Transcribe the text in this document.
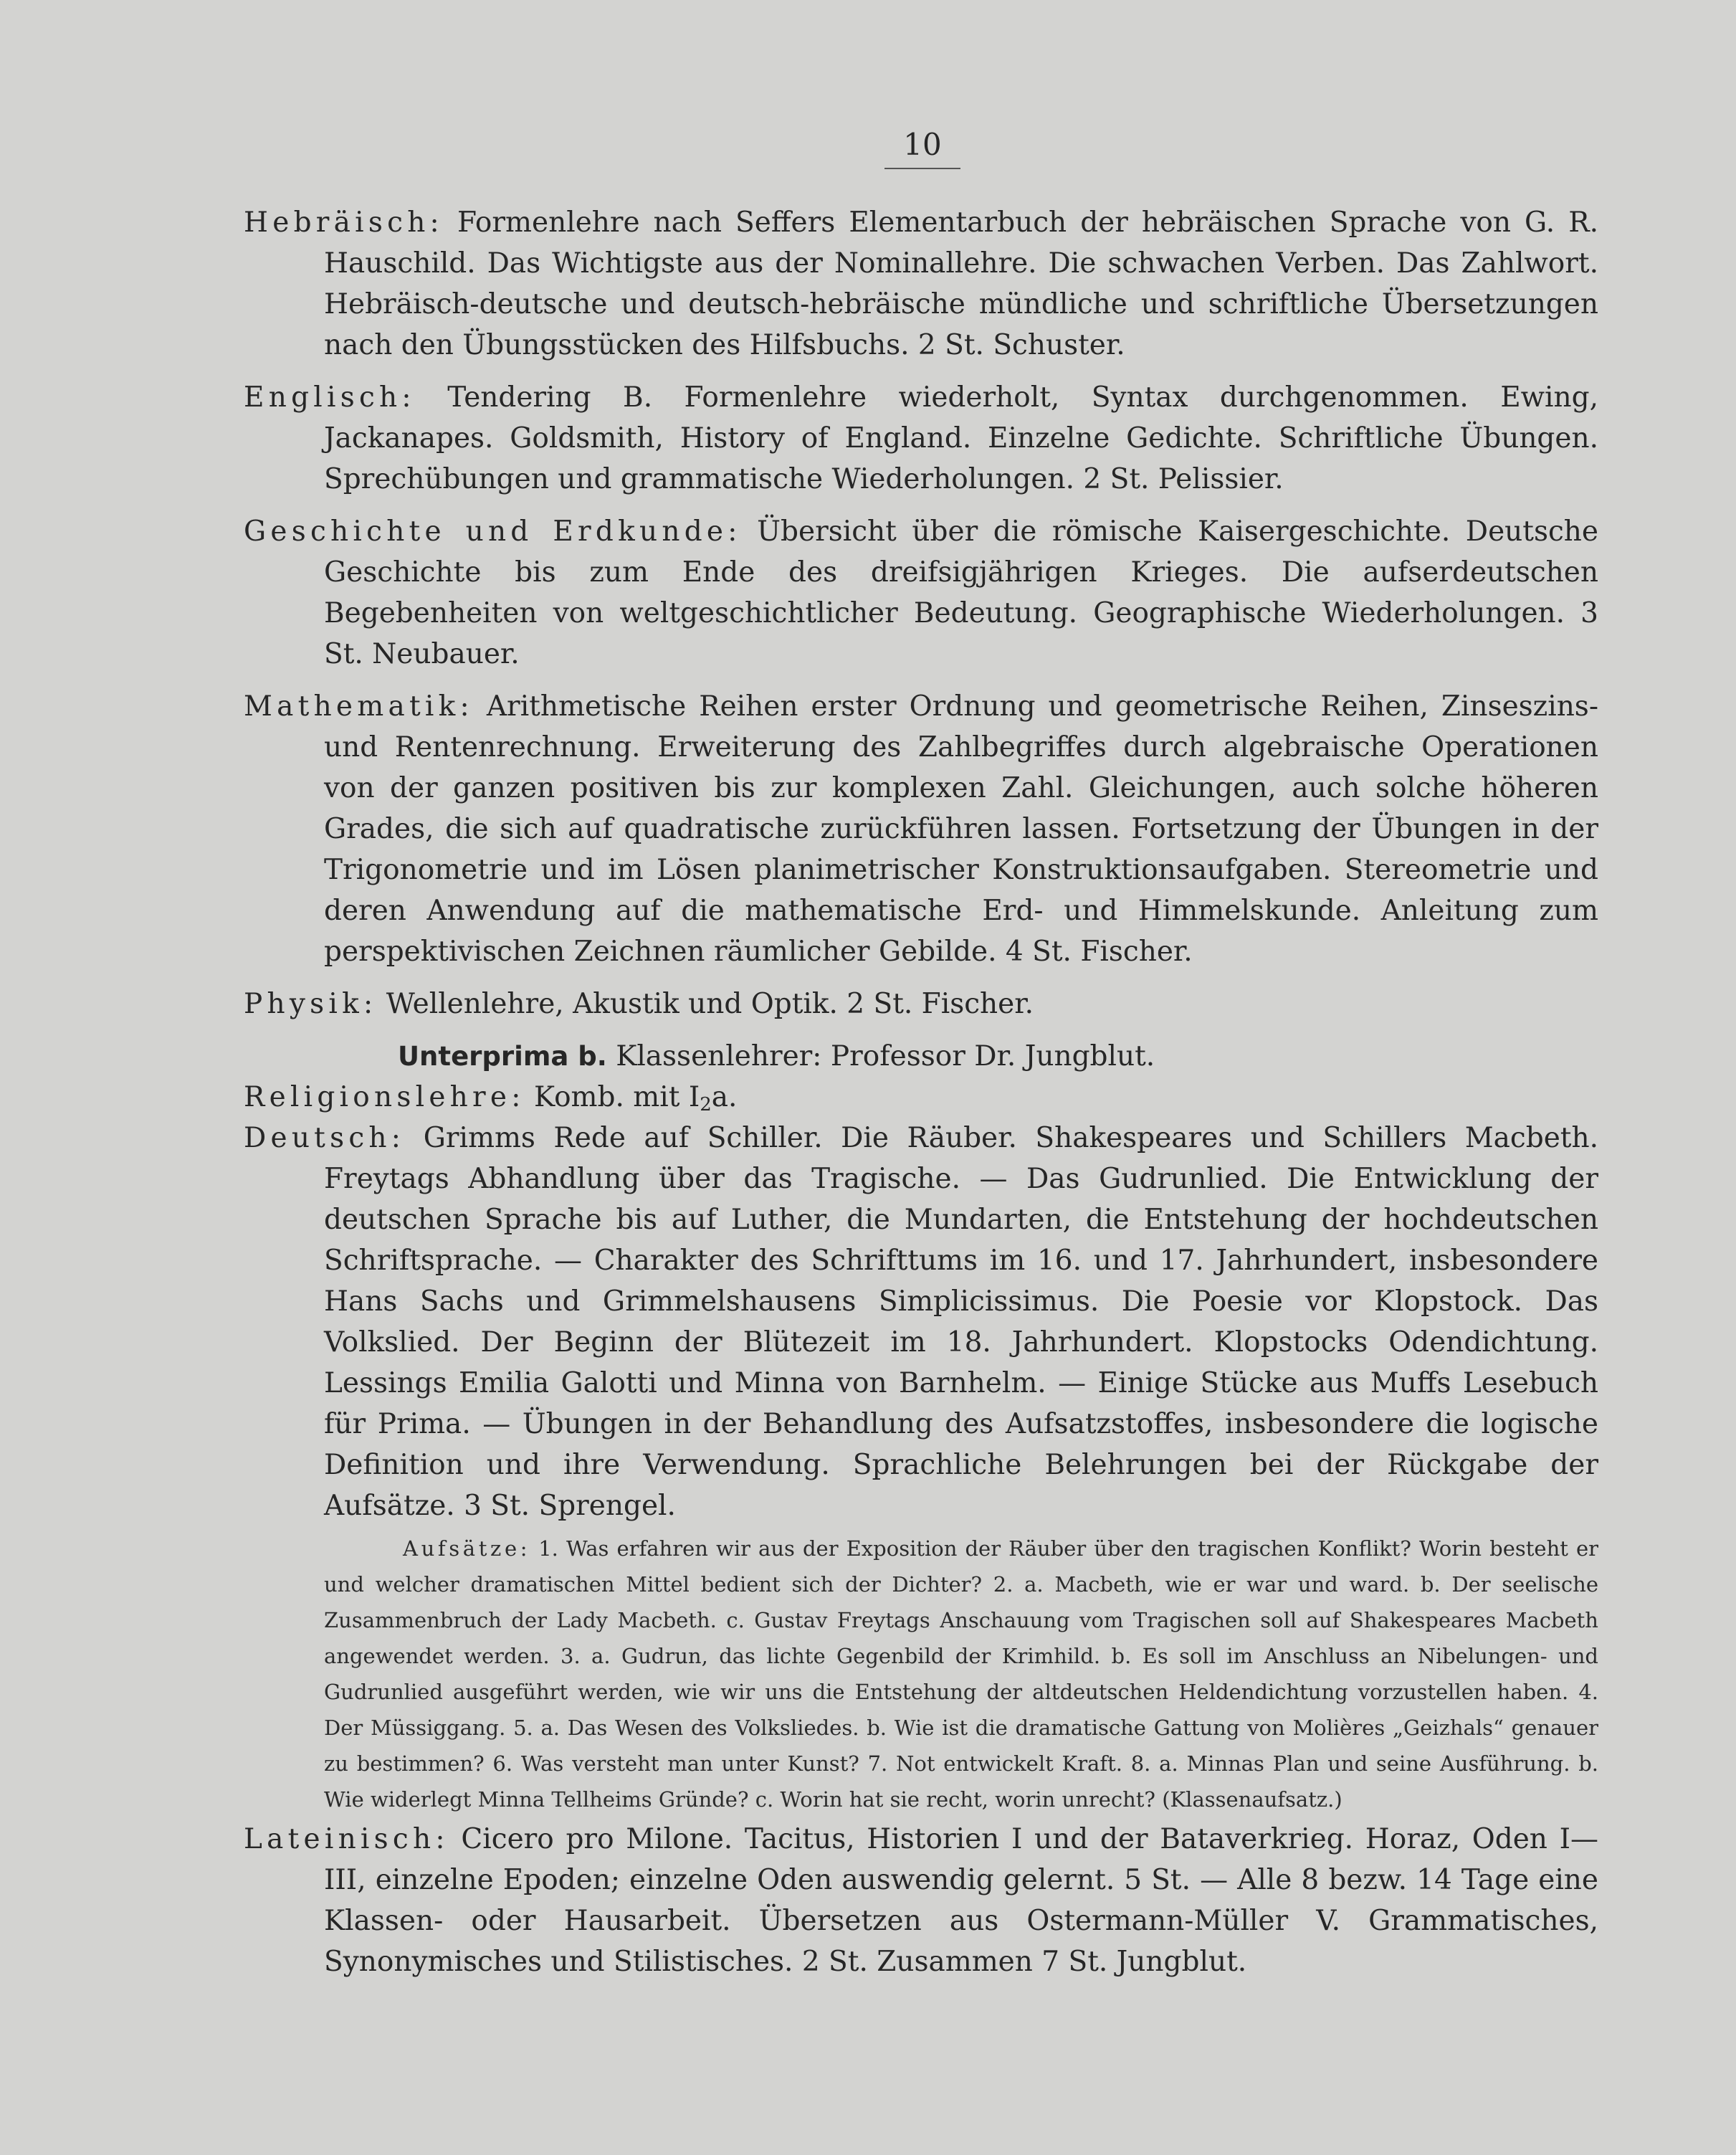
10

Hebräisch: Formenlehre nach Seffers Elementarbuch der hebräischen Sprache von G. R. Hauschild. Das Wichtigste aus der Nominallehre. Die schwachen Verben. Das Zahlwort. Hebräisch-deutsche und deutsch-hebräische mündliche und schriftliche Übersetzungen nach den Übungsstücken des Hilfsbuchs. 2 St. Schuster.

Englisch: Tendering B. Formenlehre wiederholt, Syntax durchgenommen. Ewing, Jackanapes. Goldsmith, History of England. Einzelne Gedichte. Schriftliche Übungen. Sprechübungen und grammatische Wiederholungen. 2 St. Pelissier.

Geschichte und Erdkunde: Übersicht über die römische Kaisergeschichte. Deutsche Geschichte bis zum Ende des dreifsigjährigen Krieges. Die aufserdeutschen Begebenheiten von weltgeschichtlicher Bedeutung. Geographische Wiederholungen. 3 St. Neubauer.

Mathematik: Arithmetische Reihen erster Ordnung und geometrische Reihen, Zinseszins- und Rentenrechnung. Erweiterung des Zahlbegriffes durch algebraische Operationen von der ganzen positiven bis zur komplexen Zahl. Gleichungen, auch solche höheren Grades, die sich auf quadratische zurückführen lassen. Fortsetzung der Übungen in der Trigonometrie und im Lösen planimetrischer Konstruktionsaufgaben. Stereometrie und deren Anwendung auf die mathematische Erd- und Himmelskunde. Anleitung zum perspektivischen Zeichnen räumlicher Gebilde. 4 St. Fischer.

Physik: Wellenlehre, Akustik und Optik. 2 St. Fischer.

Unterprima b. Klassenlehrer: Professor Dr. Jungblut.

Religionslehre: Komb. mit $I_2a$.

Deutsch: Grimms Rede auf Schiller. Die Räuber. Shakespeares und Schillers Macbeth. Freytags Abhandlung über das Tragische. — Das Gudrunlied. Die Entwicklung der deutschen Sprache bis auf Luther, die Mundarten, die Entstehung der hochdeutschen Schriftsprache. — Charakter des Schrifttums im 16. und 17. Jahrhundert, insbesondere Hans Sachs und Grimmelshausens Simplicissimus. Die Poesie vor Klopstock. Das Volkslied. Der Beginn der Blütezeit im 18. Jahrhundert. Klopstocks Odendichtung. Lessings Emilia Galotti und Minna von Barnhelm. — Einige Stücke aus Muffs Lesebuch für Prima. — Übungen in der Behandlung des Aufsatzstoffes, insbesondere die logische Definition und ihre Verwendung. Sprachliche Belehrungen bei der Rückgabe der Aufsätze. 3 St. Sprengel.

Aufsätze: 1. Was erfahren wir aus der Exposition der Räuber über den tragischen Konflikt? Worin besteht er und welcher dramatischen Mittel bedient sich der Dichter? 2. a. Macbeth, wie er war und ward. b. Der seelische Zusammenbruch der Lady Macbeth. c. Gustav Freytags Anschauung vom Tragischen soll auf Shakespeares Macbeth angewendet werden. 3. a. Gudrun, das lichte Gegenbild der Krimhild. b. Es soll im Anschluss an Nibelungen- und Gudrunlied ausgeführt werden, wie wir uns die Entstehung der altdeutschen Heldendichtung vorzustellen haben. 4. Der Müssiggang. 5. a. Das Wesen des Volksliedes. b. Wie ist die dramatische Gattung von Molières „Geizhals“ genauer zu bestimmen? 6. Was versteht man unter Kunst? 7. Not entwickelt Kraft. 8. a. Minnas Plan und seine Ausführung. b. Wie widerlegt Minna Tellheims Gründe? c. Worin hat sie recht, worin unrecht? (Klassenaufsatz.)

Lateinisch: Cicero pro Milone. Tacitus, Historien I und der Bataverkrieg. Horaz, Oden I—III, einzelne Epoden; einzelne Oden auswendig gelernt. 5 St. — Alle 8 bezw. 14 Tage eine Klassen- oder Hausarbeit. Übersetzen aus Ostermann-Müller V. Grammatisches, Synonymisches und Stilistisches. 2 St. Zusammen 7 St. Jungblut.
